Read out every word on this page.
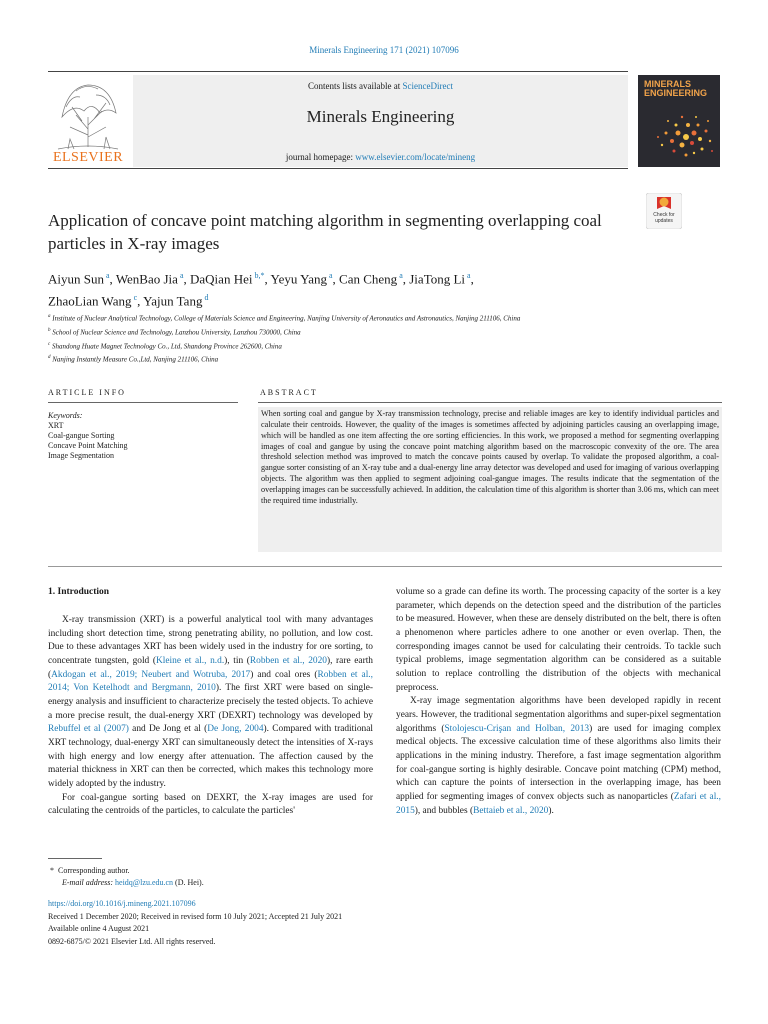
Minerals Engineering 171 (2021) 107096
ELSEVIER
Contents lists available at ScienceDirect
Minerals Engineering
journal homepage: www.elsevier.com/locate/mineng
MINERALS
ENGINEERING
Check for
updates
Application of concave point matching algorithm in segmenting overlapping coal particles in X-ray images
Aiyun Sun $^a$, WenBao Jia $^a$, DaQian Hei $^{b,*}$, Yeyu Yang $^a$, Can Cheng $^a$, JiaTong Li $^a$,
ZhaoLian Wang $^c$, Yajun Tang $^d$
$^a$ Institute of Nuclear Analytical Technology, College of Materials Science and Engineering, Nanjing University of Aeronautics and Astronautics, Nanjing 211106, China
$^b$ School of Nuclear Science and Technology, Lanzhou University, Lanzhou 730000, China
$^c$ Shandong Huate Magnet Technology Co., Ltd, Shandong Province 262600, China
$^d$ Nanjing Instantly Measure Co.,Ltd, Nanjing 211106, China
ARTICLE INFO	ABSTRACT
Keywords:
XRT
Coal-gangue Sorting
Concave Point Matching
Image Segmentation
When sorting coal and gangue by X-ray transmission technology, precise and reliable images are key to identify individual particles and calculate their centroids. However, the quality of the images is sometimes affected by adjoining particles causing an overlapping image, which will be handled as one item affecting the ore sorting efficiencies. In this work, we proposed a method for segmenting overlapping images of coal and gangue by using the concave point matching algorithm based on the macroscopic convexity of the ore. The area threshold selection method was improved to match the concave points caused by overlap. To validate the proposed algorithm, a coal-gangue sorter consisting of an X-ray tube and a dual-energy line array detector was developed and used for imaging of various overlapping objects. The algorithm was then applied to segment adjoining coal-gangue images. The results indicate that the segmentation of the overlapping images can be successfully achieved. In addition, the calculation time of this algorithm is shorter than 3.06 ms, which can meet the required time industrially.
1. Introduction

X-ray transmission (XRT) is a powerful analytical tool with many advantages including short detection time, strong penetrating ability, no pollution, and low cost. Due to these advantages XRT has been widely used in the industry for ore sorting, to concentrate tungsten, gold (Kleine et al., n.d.), tin (Robben et al., 2020), rare earth (Akdogan et al., 2019; Neubert and Wotruba, 2017) and coal ores (Robben et al., 2014; Von Ketelhodt and Bergmann, 2010). The first XRT were based on single-energy analysis and insufficient to characterize precisely the tested objects. To achieve a more precise result, the dual-energy XRT (DEXRT) technology was developed by Rebuffel et al (2007) and De Jong et al (De Jong, 2004). Compared with traditional XRT technology, dual-energy XRT can simultaneously detect the intensities of X-rays with high energy and low energy after attenuation. The affection caused by the material thickness in XRT can then be corrected, which makes this technology more widely adopted by the industry.

For coal-gangue sorting based on DEXRT, the X-ray images are used for calculating the centroids of the particles, to calculate the particles'

volume so a grade can define its worth. The processing capacity of the sorter is a key parameter, which depends on the detection speed and the distribution of the particles to be measured. However, when these are densely distributed on the belt, there is often a phenomenon where particles adhere to one another or even overlap. Then, the corresponding images cannot be used for calculating their centroids. To tackle such typical problems, image segmentation algorithm can be considered as a suitable solution to replace controlling the distribution of the objects with mechanical preprocess.

X-ray image segmentation algorithms have been developed rapidly in recent years. However, the traditional segmentation algorithms and super-pixel segmentation algorithms (Stolojescu-Crişan and Holban, 2013) are used for imaging complex medical objects. The excessive calculation time of these algorithms also limits their applications in the mining industry. Therefore, a fast image segmentation algorithm for coal-gangue sorting is highly desirable. Concave point matching (CPM) method, which can capture the points of intersection in the overlapping image, has been applied for segmenting images of convex objects such as nanoparticles (Zafari et al., 2015), and bubbles (Bettaieb et al., 2020).

* Corresponding author.
E-mail address: heidq@lzu.edu.cn (D. Hei).
https://doi.org/10.1016/j.mineng.2021.107096
Received 1 December 2020; Received in revised form 10 July 2021; Accepted 21 July 2021
Available online 4 August 2021
0892-6875/© 2021 Elsevier Ltd. All rights reserved.
